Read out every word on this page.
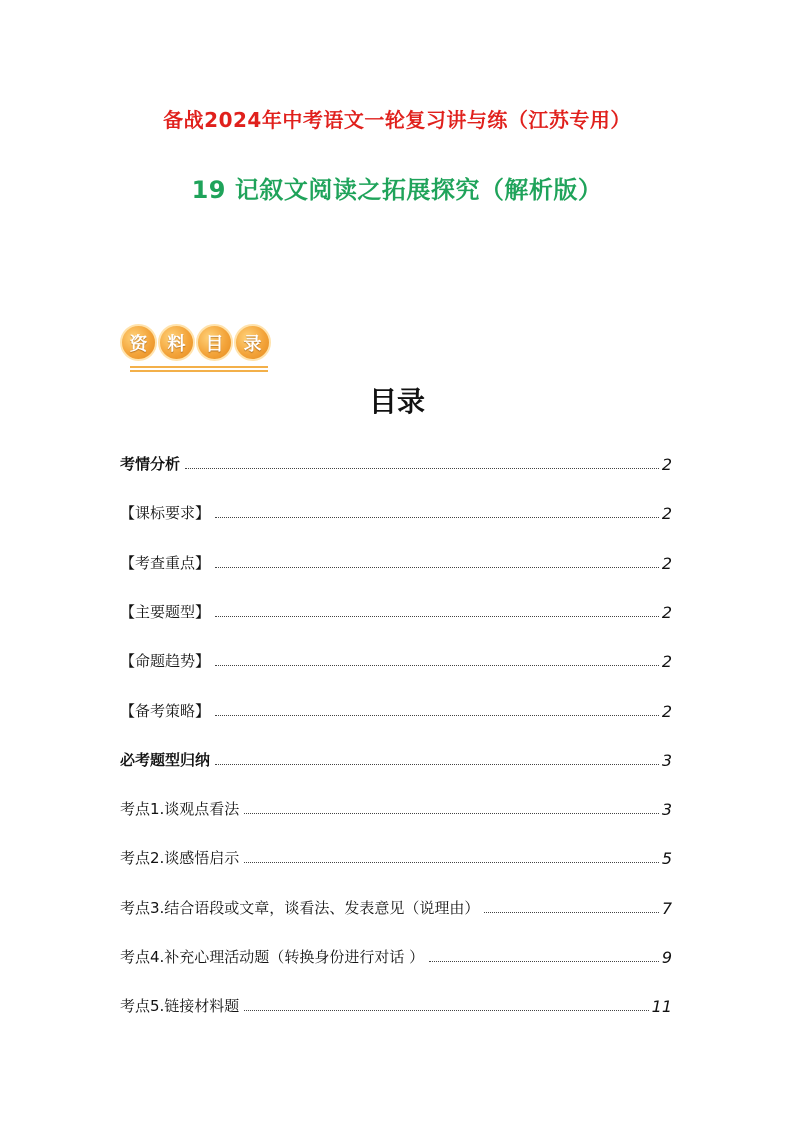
备战2024年中考语文一轮复习讲与练（江苏专用）
19 记叙文阅读之拓展探究（解析版）
资	料	目	录
目录
考情分析	2
【课标要求】	2
【考查重点】	2
【主要题型】	2
【命题趋势】	2
【备考策略】	2
必考题型归纳	3
考点1.谈观点看法	3
考点2.谈感悟启示	5
考点3.结合语段或文章，谈看法、发表意见（说理由）	7
考点4.补充心理活动题（转换身份进行对话 ）	9
考点5.链接材料题	11
